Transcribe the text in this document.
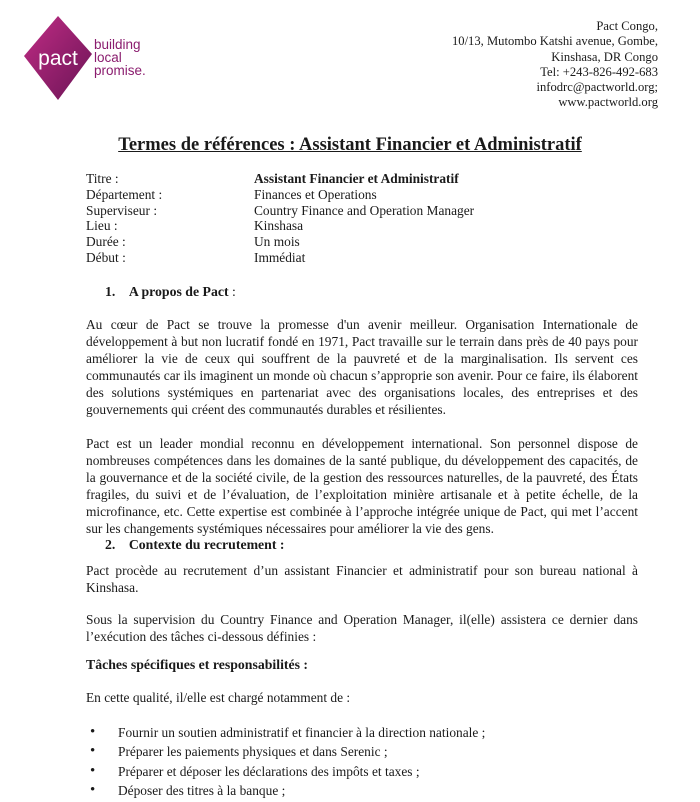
pact
building
local
promise.
Pact Congo,
10/13, Mutombo Katshi avenue, Gombe,
Kinshasa, DR Congo
Tel: +243-826-492-683
infodrc@pactworld.org;
www.pactworld.org
Termes de références : Assistant Financier et Administratif
Titre :	Assistant Financier et Administratif
Département :	Finances et Operations
Superviseur :	Country Finance and Operation Manager
Lieu :	Kinshasa
Durée :	Un mois
Début :	Immédiat
1. A propos de Pact :
Au cœur de Pact se trouve la promesse d'un avenir meilleur. Organisation Internationale de développement à but non lucratif fondé en 1971, Pact travaille sur le terrain dans près de 40 pays pour améliorer la vie de ceux qui souffrent de la pauvreté et de la marginalisation. Ils servent ces communautés car ils imaginent un monde où chacun s’approprie son avenir. Pour ce faire, ils élaborent des solutions systémiques en partenariat avec des organisations locales, des entreprises et des gouvernements qui créent des communautés durables et résilientes.
Pact est un leader mondial reconnu en développement international. Son personnel dispose de nombreuses compétences dans les domaines de la santé publique, du développement des capacités, de la gouvernance et de la société civile, de la gestion des ressources naturelles, de la pauvreté, des États fragiles, du suivi et de l’évaluation, de l’exploitation minière artisanale et à petite échelle, de la microfinance, etc. Cette expertise est combinée à l’approche intégrée unique de Pact, qui met l’accent sur les changements systémiques nécessaires pour améliorer la vie des gens.
2. Contexte du recrutement :
Pact procède au recrutement d’un assistant Financier et administratif pour son bureau national à Kinshasa.
Sous la supervision du Country Finance and Operation Manager, il(elle) assistera ce dernier dans l’exécution des tâches ci-dessous définies :
Tâches spécifiques et responsabilités :
En cette qualité, il/elle est chargé notamment de :
• Fournir un soutien administratif et financier à la direction nationale ;
• Préparer les paiements physiques et dans Serenic ;
• Préparer et déposer les déclarations des impôts et taxes ;
• Déposer des titres à la banque ;
